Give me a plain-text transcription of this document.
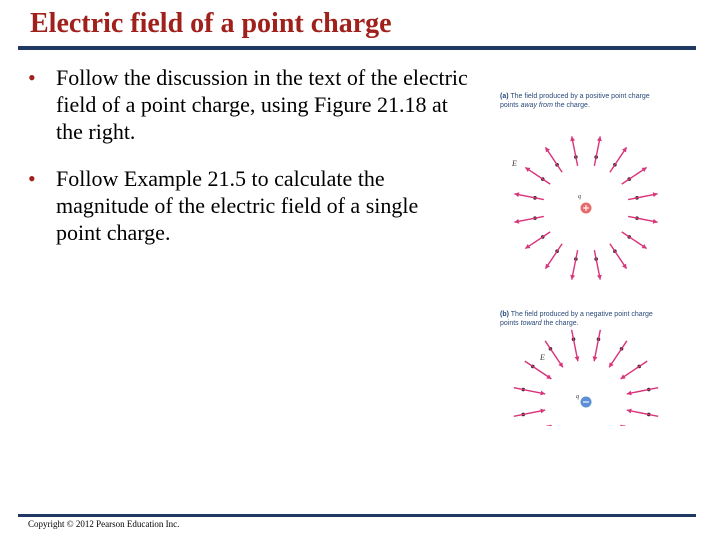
Electric field of a point charge
• Follow the discussion in the text of the electric field of a point charge, using Figure 21.18 at the right.
• Follow Example 21.5 to calculate the magnitude of the electric field of a single point charge.
(a) The field produced by a positive point charge points away from the charge.
(b) The field produced by a negative point charge points toward the charge.
E
q
E
q
Copyright © 2012 Pearson Education Inc.
